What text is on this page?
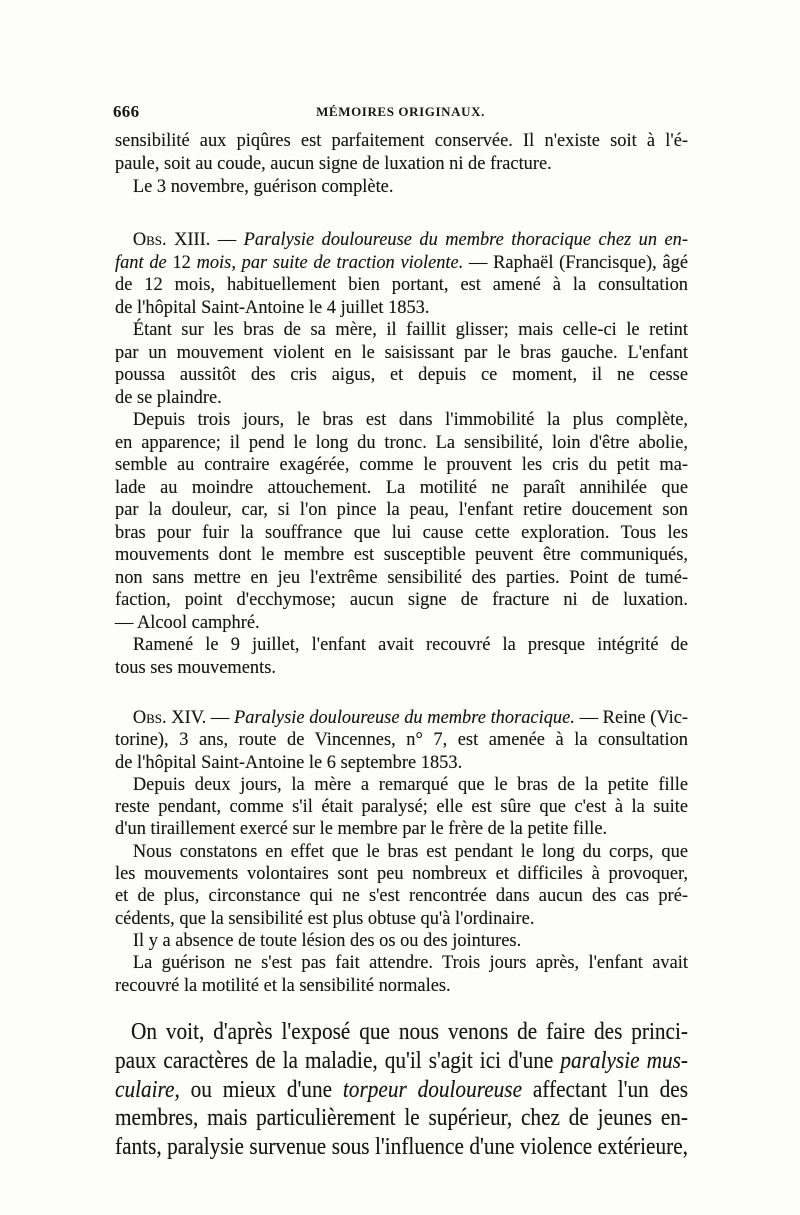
666	MÉMOIRES ORIGINAUX.
sensibilité aux piqûres est parfaitement conservée. Il n'existe soit à l'é-
paule, soit au coude, aucun signe de luxation ni de fracture.
Le 3 novembre, guérison complète.
Obs. XIII. — Paralysie douloureuse du membre thoracique chez un en-
fant de 12 mois, par suite de traction violente. — Raphaël (Francisque), âgé
de 12 mois, habituellement bien portant, est amené à la consultation
de l'hôpital Saint-Antoine le 4 juillet 1853.
Étant sur les bras de sa mère, il faillit glisser; mais celle-ci le retint
par un mouvement violent en le saisissant par le bras gauche. L'enfant
poussa aussitôt des cris aigus, et depuis ce moment, il ne cesse
de se plaindre.
Depuis trois jours, le bras est dans l'immobilité la plus complète,
en apparence; il pend le long du tronc. La sensibilité, loin d'être abolie,
semble au contraire exagérée, comme le prouvent les cris du petit ma-
lade au moindre attouchement. La motilité ne paraît annihilée que
par la douleur, car, si l'on pince la peau, l'enfant retire doucement son
bras pour fuir la souffrance que lui cause cette exploration. Tous les
mouvements dont le membre est susceptible peuvent être communiqués,
non sans mettre en jeu l'extrême sensibilité des parties. Point de tumé-
faction, point d'ecchymose; aucun signe de fracture ni de luxation.
— Alcool camphré.
Ramené le 9 juillet, l'enfant avait recouvré la presque intégrité de
tous ses mouvements.
Obs. XIV. — Paralysie douloureuse du membre thoracique. — Reine (Vic-
torine), 3 ans, route de Vincennes, n° 7, est amenée à la consultation
de l'hôpital Saint-Antoine le 6 septembre 1853.
Depuis deux jours, la mère a remarqué que le bras de la petite fille
reste pendant, comme s'il était paralysé; elle est sûre que c'est à la suite
d'un tiraillement exercé sur le membre par le frère de la petite fille.
Nous constatons en effet que le bras est pendant le long du corps, que
les mouvements volontaires sont peu nombreux et difficiles à provoquer,
et de plus, circonstance qui ne s'est rencontrée dans aucun des cas pré-
cédents, que la sensibilité est plus obtuse qu'à l'ordinaire.
Il y a absence de toute lésion des os ou des jointures.
La guérison ne s'est pas fait attendre. Trois jours après, l'enfant avait
recouvré la motilité et la sensibilité normales.
On voit, d'après l'exposé que nous venons de faire des princi-
paux caractères de la maladie, qu'il s'agit ici d'une paralysie mus-
culaire, ou mieux d'une torpeur douloureuse affectant l'un des
membres, mais particulièrement le supérieur, chez de jeunes en-
fants, paralysie survenue sous l'influence d'une violence extérieure,
